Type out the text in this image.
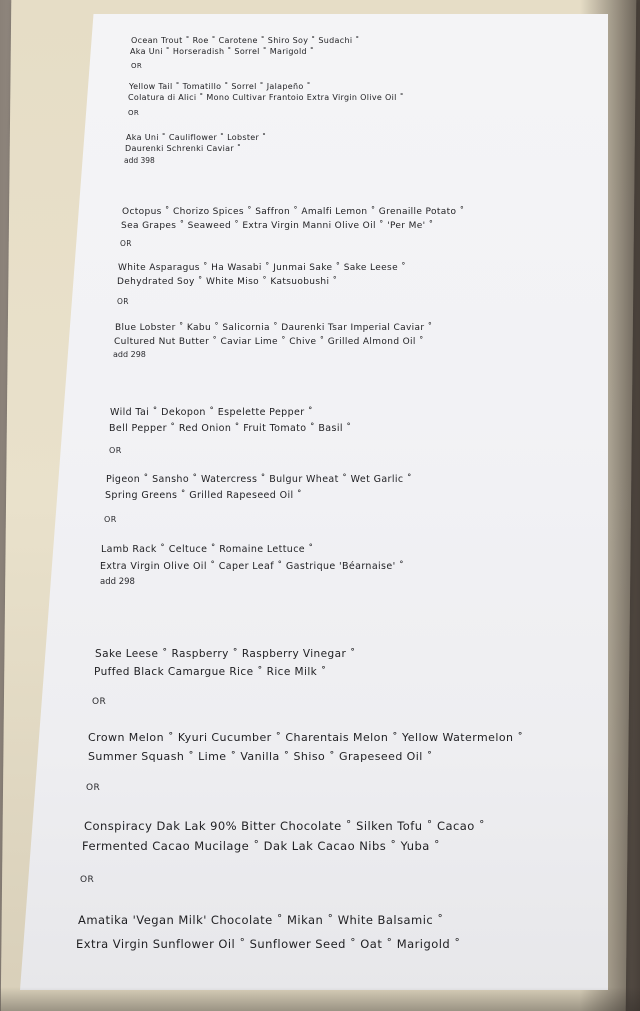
Ocean Trout ˚ Roe ˚ Carotene ˚ Shiro Soy ˚ Sudachi ˚

Aka Uni ˚ Horseradish ˚ Sorrel ˚ Marigold ˚

OR

Yellow Tail ˚ Tomatillo ˚ Sorrel ˚ Jalapeño ˚

Colatura di Alici ˚ Mono Cultivar Frantoio Extra Virgin Olive Oil ˚

OR

Aka Uni ˚ Cauliflower ˚ Lobster ˚

Daurenki Schrenki Caviar ˚

add 398

Octopus ˚ Chorizo Spices ˚ Saffron ˚ Amalfi Lemon ˚ Grenaille Potato ˚

Sea Grapes ˚ Seaweed ˚ Extra Virgin Manni Olive Oil ˚ 'Per Me' ˚

OR

White Asparagus ˚ Ha Wasabi ˚ Junmai Sake ˚ Sake Leese ˚

Dehydrated Soy ˚ White Miso ˚ Katsuobushi ˚

OR

Blue Lobster ˚ Kabu ˚ Salicornia ˚ Daurenki Tsar Imperial Caviar ˚

Cultured Nut Butter ˚ Caviar Lime ˚ Chive ˚ Grilled Almond Oil ˚

add 298

Wild Tai ˚ Dekopon ˚ Espelette Pepper ˚

Bell Pepper ˚ Red Onion ˚ Fruit Tomato ˚ Basil ˚

OR

Pigeon ˚ Sansho ˚ Watercress ˚ Bulgur Wheat ˚ Wet Garlic ˚

Spring Greens ˚ Grilled Rapeseed Oil ˚

OR

Lamb Rack ˚ Celtuce ˚ Romaine Lettuce ˚

Extra Virgin Olive Oil ˚ Caper Leaf ˚ Gastrique 'Béarnaise' ˚

add 298

Sake Leese ˚ Raspberry ˚ Raspberry Vinegar ˚

Puffed Black Camargue Rice ˚ Rice Milk ˚

OR

Crown Melon ˚ Kyuri Cucumber ˚ Charentais Melon ˚ Yellow Watermelon ˚

Summer Squash ˚ Lime ˚ Vanilla ˚ Shiso ˚ Grapeseed Oil ˚

OR

Conspiracy Dak Lak 90% Bitter Chocolate ˚ Silken Tofu ˚ Cacao ˚

Fermented Cacao Mucilage ˚ Dak Lak Cacao Nibs ˚ Yuba ˚

OR

Amatika 'Vegan Milk' Chocolate ˚ Mikan ˚ White Balsamic ˚

Extra Virgin Sunflower Oil ˚ Sunflower Seed ˚ Oat ˚ Marigold ˚
